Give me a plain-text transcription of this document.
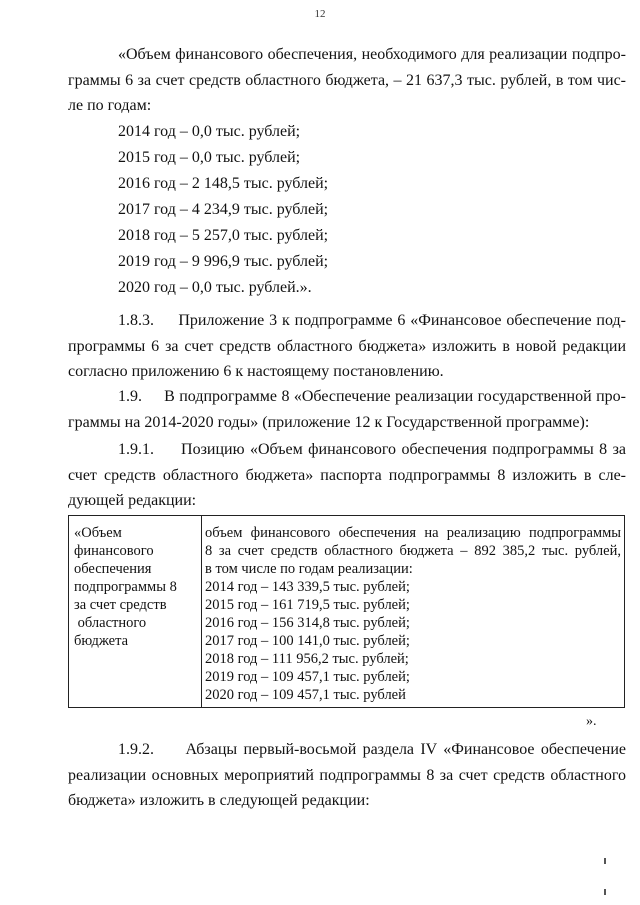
12
«Объем финансового обеспечения, необходимого для реализации подпро-
граммы 6 за счет средств областного бюджета, – 21 637,3 тыс. рублей, в том чис-
ле по годам:
2014 год – 0,0 тыс. рублей;
2015 год – 0,0 тыс. рублей;
2016 год – 2 148,5 тыс. рублей;
2017 год – 4 234,9 тыс. рублей;
2018 год – 5 257,0 тыс. рублей;
2019 год – 9 996,9 тыс. рублей;
2020 год – 0,0 тыс. рублей.».
1.8.3.     Приложение 3 к подпрограмме 6 «Финансовое обеспечение под-
программы 6 за счет средств областного бюджета» изложить в новой редакции
согласно приложению 6 к настоящему постановлению.
1.9.     В подпрограмме 8 «Обеспечение реализации государственной про-
граммы на 2014-2020 годы» (приложение 12 к Государственной программе):
1.9.1.     Позицию «Объем финансового обеспечения подпрограммы 8 за
счет средств областного бюджета» паспорта подпрограммы 8 изложить в сле-
дующей редакции:
«Объем
финансового
обеспечения
подпрограммы 8
за счет средств
областного
бюджета
объем финансового обеспечения на реализацию подпрограммы
8 за счет средств областного бюджета – 892 385,2 тыс. рублей,
в том числе по годам реализации:
2014 год – 143 339,5 тыс. рублей;
2015 год – 161 719,5 тыс. рублей;
2016 год – 156 314,8 тыс. рублей;
2017 год – 100 141,0 тыс. рублей;
2018 год – 111 956,2 тыс. рублей;
2019 год – 109 457,1 тыс. рублей;
2020 год – 109 457,1 тыс. рублей
».
1.9.2.     Абзацы первый-восьмой раздела IV «Финансовое обеспечение
реализации основных мероприятий подпрограммы 8 за счет средств областного
бюджета» изложить в следующей редакции:
